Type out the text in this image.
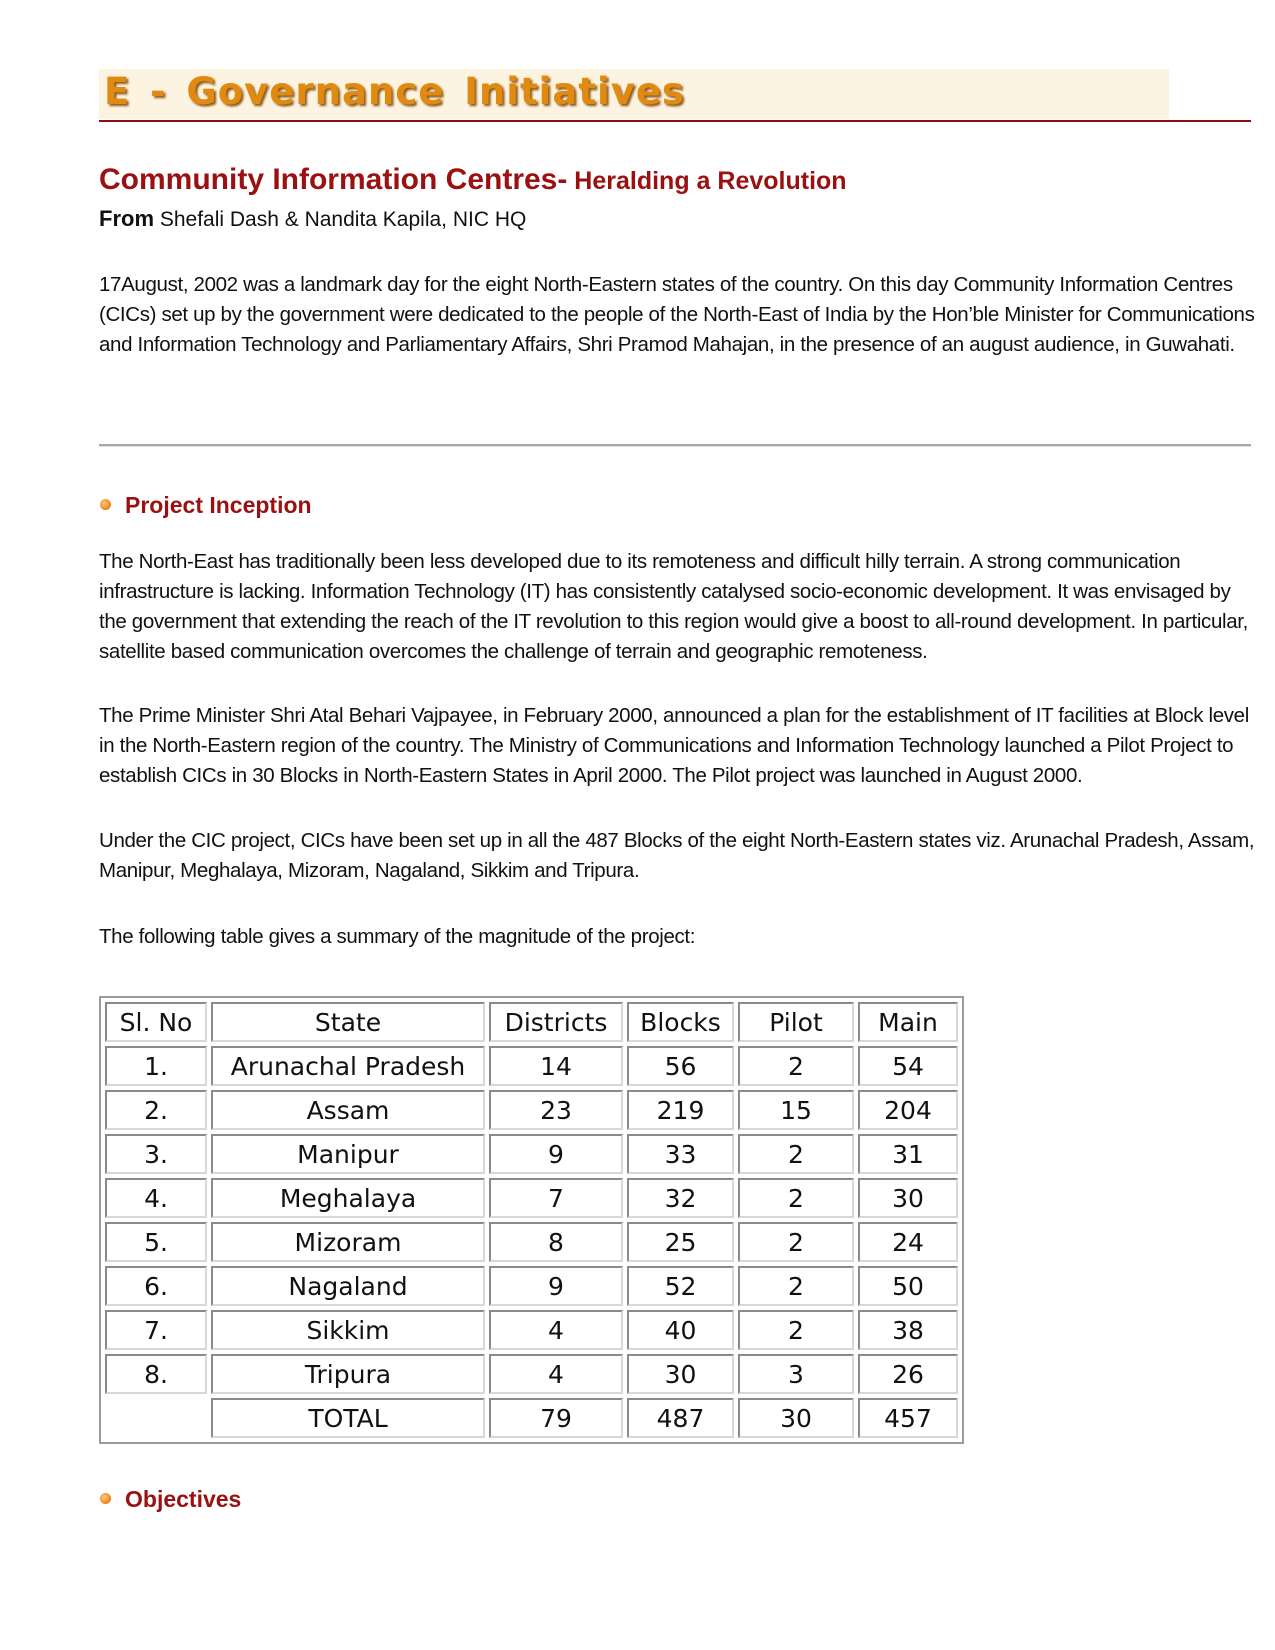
E - Governance Initiatives
Community Information Centres- Heralding a Revolution
From Shefali Dash & Nandita Kapila, NIC HQ
17August, 2002 was a landmark day for the eight North-Eastern states of the country. On this day Community Information Centres (CICs) set up by the government were dedicated to the people of the North-East of India by the Hon’ble Minister for Communications and Information Technology and Parliamentary Affairs, Shri Pramod Mahajan, in the presence of an august audience, in Guwahati.
Project Inception
The North-East has traditionally been less developed due to its remoteness and difficult hilly terrain. A strong communication infrastructure is lacking. Information Technology (IT) has consistently catalysed socio-economic development. It was envisaged by the government that extending the reach of the IT revolution to this region would give a boost to all-round development. In particular, satellite based communication overcomes the challenge of terrain and geographic remoteness.
The Prime Minister Shri Atal Behari Vajpayee, in February 2000, announced a plan for the establishment of IT facilities at Block level in the North-Eastern region of the country. The Ministry of Communications and Information Technology launched a Pilot Project to establish CICs in 30 Blocks in North-Eastern States in April 2000. The Pilot project was launched in August 2000.
Under the CIC project, CICs have been set up in all the 487 Blocks of the eight North-Eastern states viz. Arunachal Pradesh, Assam, Manipur, Meghalaya, Mizoram, Nagaland, Sikkim and Tripura.
The following table gives a summary of the magnitude of the project:
Sl. No	State	Districts	Blocks	Pilot	Main
1.	Arunachal Pradesh	14	56	2	54
2.	Assam	23	219	15	204
3.	Manipur	9	33	2	31
4.	Meghalaya	7	32	2	30
5.	Mizoram	8	25	2	24
6.	Nagaland	9	52	2	50
7.	Sikkim	4	40	2	38
8.	Tripura	4	30	3	26
	TOTAL	79	487	30	457
Objectives
